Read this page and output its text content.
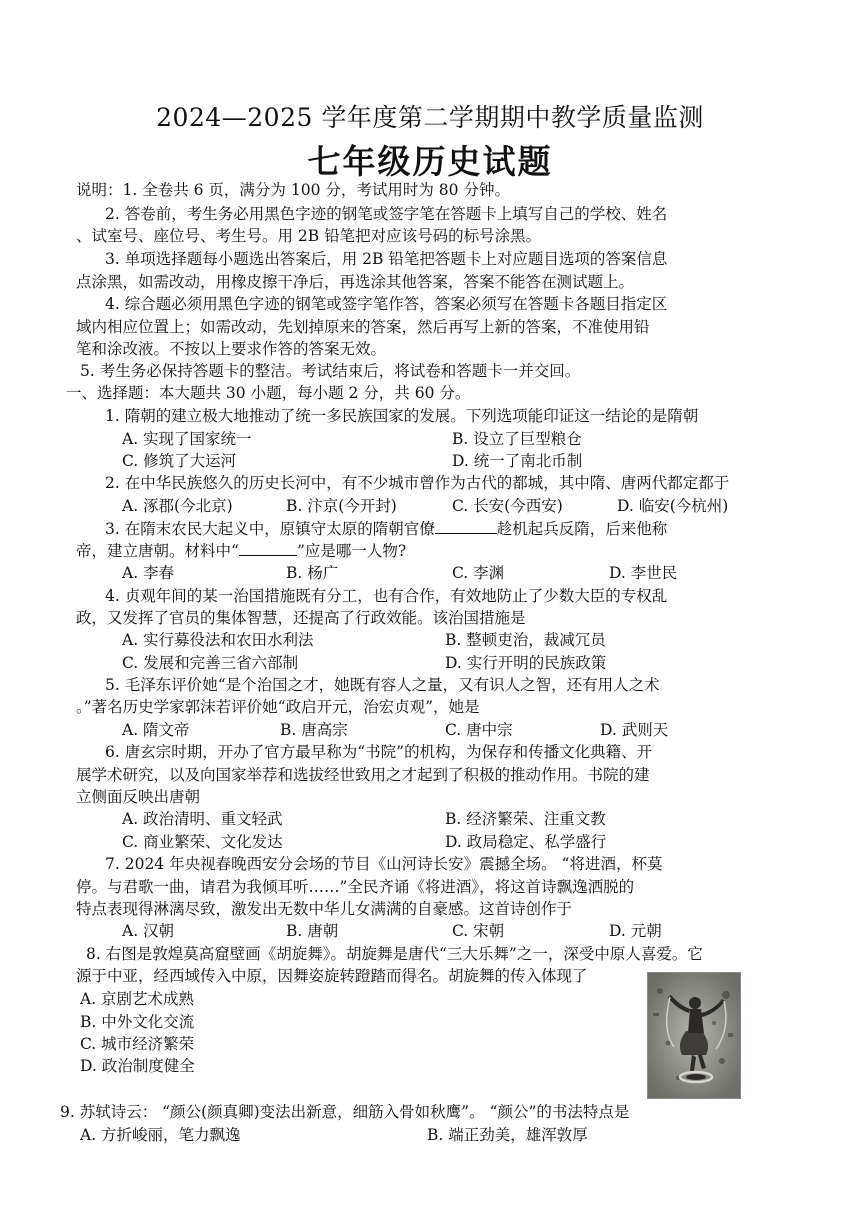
2024—2025 学年度第二学期期中教学质量监测
七年级历史试题
说明：1. 全卷共 6 页，满分为 100 分，考试用时为 80 分钟。
2. 答卷前，考生务必用黑色字迹的钢笔或签字笔在答题卡上填写自己的学校、姓名
、试室号、座位号、考生号。用 2B 铅笔把对应该号码的标号涂黑。
3. 单项选择题每小题选出答案后，用 2B 铅笔把答题卡上对应题目选项的答案信息
点涂黑，如需改动，用橡皮擦干净后，再选涂其他答案，答案不能答在测试题上。
4. 综合题必须用黑色字迹的钢笔或签字笔作答，答案必须写在答题卡各题目指定区
域内相应位置上；如需改动，先划掉原来的答案，然后再写上新的答案，不准使用铅
笔和涂改液。不按以上要求作答的答案无效。
5. 考生务必保持答题卡的整洁。考试结束后，将试卷和答题卡一并交回。
一、选择题：本大题共 30 小题，每小题 2 分，共 60 分。
1. 隋朝的建立极大地推动了统一多民族国家的发展。下列选项能印证这一结论的是隋朝
A. 实现了国家统一	B. 设立了巨型粮仓
C. 修筑了大运河	D. 统一了南北币制
2. 在中华民族悠久的历史长河中，有不少城市曾作为古代的都城，其中隋、唐两代都定都于
A. 涿郡(今北京)	B. 汴京(今开封)	C. 长安(今西安)	D. 临安(今杭州)
3. 在隋末农民大起义中，原镇守太原的隋朝官僚	趁机起兵反隋，后来他称
帝，建立唐朝。材料中“	”应是哪一人物?
A. 李春	B. 杨广	C. 李渊	D. 李世民
4. 贞观年间的某一治国措施既有分工，也有合作，有效地防止了少数大臣的专权乱
政，又发挥了官员的集体智慧，还提高了行政效能。该治国措施是
A. 实行募役法和农田水利法	B. 整顿吏治，裁减冗员
C. 发展和完善三省六部制	D. 实行开明的民族政策
5. 毛泽东评价她“是个治国之才，她既有容人之量，又有识人之智，还有用人之术
。”著名历史学家郭沫若评价她“政启开元，治宏贞观”，她是
A. 隋文帝	B. 唐高宗	C. 唐中宗	D. 武则天
6. 唐玄宗时期，开办了官方最早称为“书院”的机构，为保存和传播文化典籍、开
展学术研究，以及向国家举荐和选拔经世致用之才起到了积极的推动作用。书院的建
立侧面反映出唐朝
A. 政治清明、重文轻武	B. 经济繁荣、注重文教
C. 商业繁荣、文化发达	D. 政局稳定、私学盛行
7. 2024 年央视春晚西安分会场的节目《山河诗长安》震撼全场。 “将进酒，杯莫
停。与君歌一曲，请君为我倾耳听……”全民齐诵《将进酒》，将这首诗飘逸洒脱的
特点表现得淋漓尽致，激发出无数中华儿女满满的自豪感。这首诗创作于
A. 汉朝	B. 唐朝	C. 宋朝	D. 元朝
8. 右图是敦煌莫高窟壁画《胡旋舞》。胡旋舞是唐代“三大乐舞”之一，深受中原人喜爱。它
源于中亚，经西域传入中原，因舞姿旋转蹬踏而得名。胡旋舞的传入体现了
A. 京剧艺术成熟
B. 中外文化交流
C. 城市经济繁荣
D. 政治制度健全
9. 苏轼诗云： “颜公(颜真卿)变法出新意，细筋入骨如秋鹰”。 “颜公”的书法特点是
A. 方折峻丽，笔力飘逸	B. 端正劲美，雄浑敦厚
